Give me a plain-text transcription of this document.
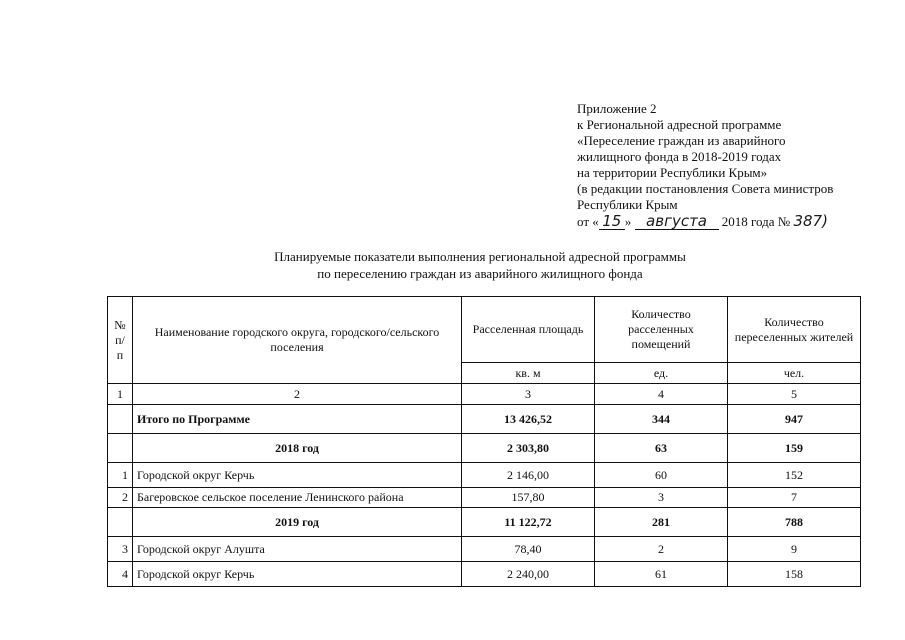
Приложение 2
к Региональной адресной программе
«Переселение граждан из аварийного
жилищного фонда в 2018-2019 годах
на территории Республики Крым»
(в редакции постановления Совета министров
Республики Крым
от « 15 » августа 2018 года № 387)
Планируемые показатели выполнения региональной адресной программы
по переселению граждан из аварийного жилищного фонда
№ п/п	Наименование городского округа, городского/сельского поселения	Расселенная площадь	Количество расселенных помещений	Количество переселенных жителей
		кв. м	ед.	чел.
1	2	3	4	5
	Итого по Программе	13 426,52	344	947
	2018 год	2 303,80	63	159
1	Городской округ Керчь	2 146,00	60	152
2	Багеровское сельское поселение Ленинского района	157,80	3	7
	2019 год	11 122,72	281	788
3	Городской округ Алушта	78,40	2	9
4	Городской округ Керчь	2 240,00	61	158
